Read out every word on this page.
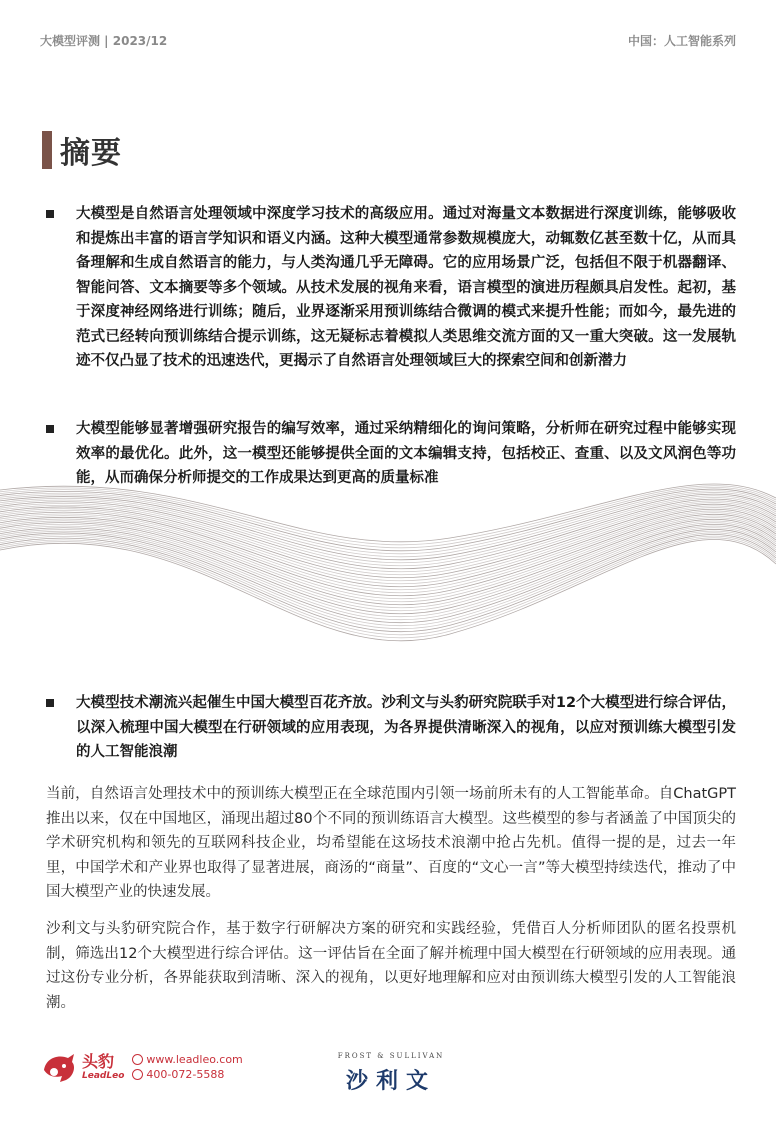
大模型评测 | 2023/12	中国：人工智能系列
摘要
大模型是自然语言处理领域中深度学习技术的高级应用。通过对海量文本数据进行深度训练，能够吸收和提炼出丰富的语言学知识和语义内涵。这种大模型通常参数规模庞大，动辄数亿甚至数十亿，从而具备理解和生成自然语言的能力，与人类沟通几乎无障碍。它的应用场景广泛，包括但不限于机器翻译、智能问答、文本摘要等多个领域。从技术发展的视角来看，语言模型的演进历程颇具启发性。起初，基于深度神经网络进行训练；随后，业界逐渐采用预训练结合微调的模式来提升性能；而如今，最先进的范式已经转向预训练结合提示训练，这无疑标志着模拟人类思维交流方面的又一重大突破。这一发展轨迹不仅凸显了技术的迅速迭代，更揭示了自然语言处理领域巨大的探索空间和创新潜力
大模型能够显著增强研究报告的编写效率，通过采纳精细化的询问策略，分析师在研究过程中能够实现效率的最优化。此外，这一模型还能够提供全面的文本编辑支持，包括校正、查重、以及文风润色等功能，从而确保分析师提交的工作成果达到更高的质量标准
大模型技术潮流兴起催生中国大模型百花齐放。沙利文与头豹研究院联手对12个大模型进行综合评估，以深入梳理中国大模型在行研领域的应用表现，为各界提供清晰深入的视角，以应对预训练大模型引发的人工智能浪潮
当前，自然语言处理技术中的预训练大模型正在全球范围内引领一场前所未有的人工智能革命。自ChatGPT推出以来，仅在中国地区，涌现出超过80个不同的预训练语言大模型。这些模型的参与者涵盖了中国顶尖的学术研究机构和领先的互联网科技企业，均希望能在这场技术浪潮中抢占先机。值得一提的是，过去一年里，中国学术和产业界也取得了显著进展，商汤的“商量”、百度的“文心一言”等大模型持续迭代，推动了中国大模型产业的快速发展。
沙利文与头豹研究院合作，基于数字行研解决方案的研究和实践经验，凭借百人分析师团队的匿名投票机制，筛选出12个大模型进行综合评估。这一评估旨在全面了解并梳理中国大模型在行研领域的应用表现。通过这份专业分析，各界能获取到清晰、深入的视角，以更好地理解和应对由预训练大模型引发的人工智能浪潮。
头豹
LeadLeo
www.leadleo.com
400-072-5588
FROST & SULLIVAN
沙利文
